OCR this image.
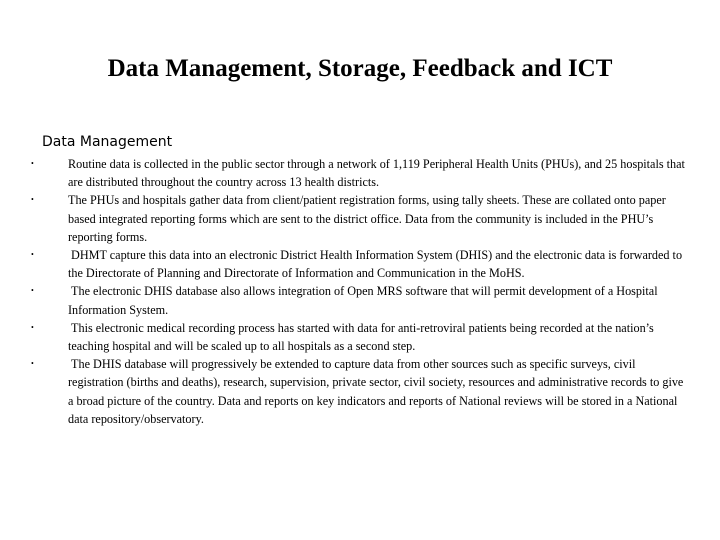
Data Management, Storage, Feedback and ICT
Data Management
•	Routine data is collected in the public sector through a network of 1,119 Peripheral Health Units (PHUs), and 25 hospitals that are distributed throughout the country across 13 health districts.
•	The PHUs and hospitals gather data from client/patient registration forms, using tally sheets. These are collated onto paper based integrated reporting forms which are sent to the district office. Data from the community is included in the PHU’s reporting forms.
•	DHMT capture this data into an electronic District Health Information System (DHIS) and the electronic data is forwarded to the Directorate of Planning and Directorate of Information and Communication in the MoHS.
•	The electronic DHIS database also allows integration of Open MRS software that will permit development of a Hospital Information System.
•	This electronic medical recording process has started with data for anti-retroviral patients being recorded at the nation’s teaching hospital and will be scaled up to all hospitals as a second step.
•	The DHIS database will progressively be extended to capture data from other sources such as specific surveys, civil registration (births and deaths), research, supervision, private sector, civil society, resources and administrative records to give a broad picture of the country. Data and reports on key indicators and reports of National reviews will be stored in a National data repository/observatory.
